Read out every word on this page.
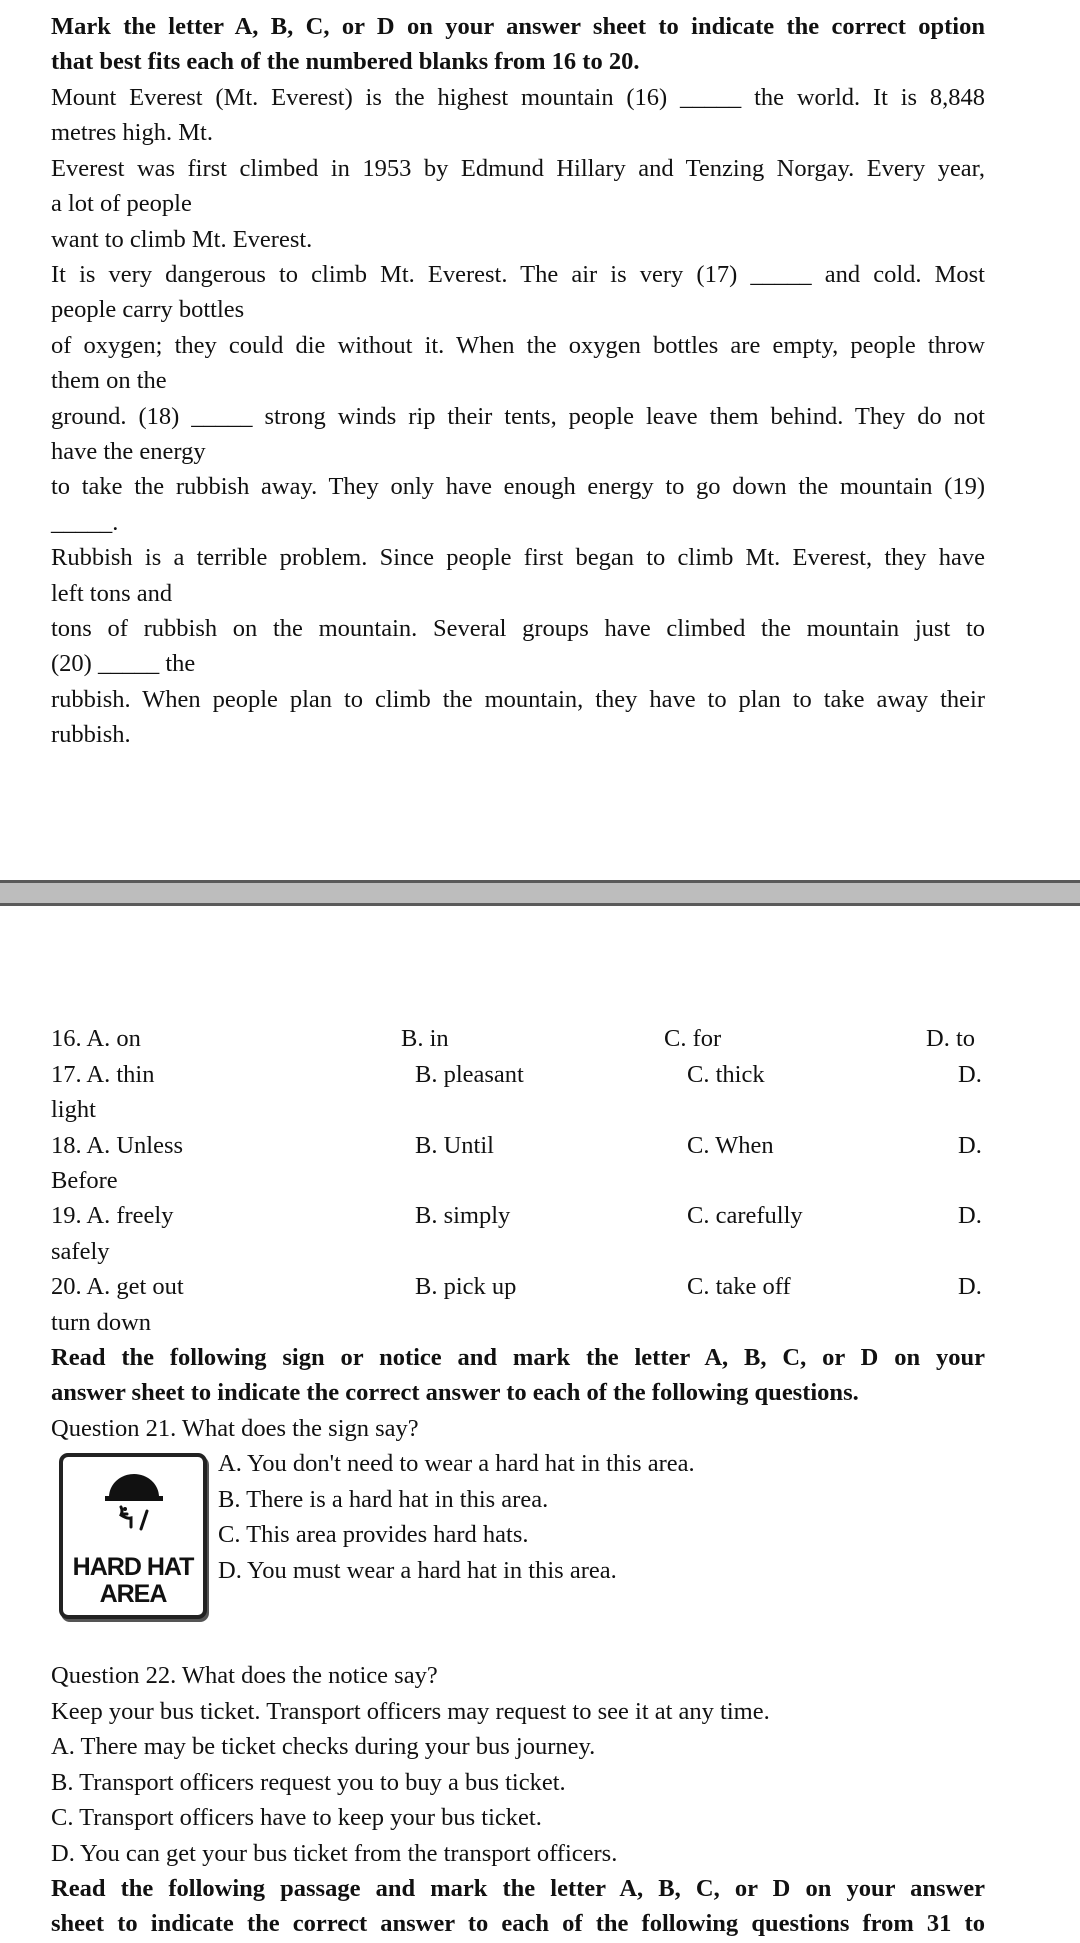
Mark the letter A, B, C, or D on your answer sheet to indicate the correct option
that best fits each of the numbered blanks from 16 to 20.
Mount Everest (Mt. Everest) is the highest mountain (16) _____ the world. It is 8,848
metres high. Mt.
Everest was first climbed in 1953 by Edmund Hillary and Tenzing Norgay. Every year,
a lot of people
want to climb Mt. Everest.
It is very dangerous to climb Mt. Everest. The air is very (17) _____ and cold. Most
people carry bottles
of oxygen; they could die without it. When the oxygen bottles are empty, people throw
them on the
ground. (18) _____ strong winds rip their tents, people leave them behind. They do not
have the energy
to take the rubbish away. They only have enough energy to go down the mountain (19)
_____.
Rubbish is a terrible problem. Since people first began to climb Mt. Everest, they have
left tons and
tons of rubbish on the mountain. Several groups have climbed the mountain just to
(20) _____ the
rubbish. When people plan to climb the mountain, they have to plan to take away their
rubbish.
16. A. on	B. in	C. for	D. to
17. A. thin	B. pleasant	C. thick	D.
light
18. A. Unless	B. Until	C. When	D.
Before
19. A. freely	B. simply	C. carefully	D.
safely
20. A. get out	B. pick up	C. take off	D.
turn down
Read the following sign or notice and mark the letter A, B, C, or D on your
answer sheet to indicate the correct answer to each of the following questions.
Question 21. What does the sign say?
HARD HAT
AREA
A. You don't need to wear a hard hat in this area.
B. There is a hard hat in this area.
C. This area provides hard hats.
D. You must wear a hard hat in this area.
Question 22. What does the notice say?
Keep your bus ticket. Transport officers may request to see it at any time.
A. There may be ticket checks during your bus journey.
B. Transport officers request you to buy a bus ticket.
C. Transport officers have to keep your bus ticket.
D. You can get your bus ticket from the transport officers.
Read the following passage and mark the letter A, B, C, or D on your answer
sheet to indicate the correct answer to each of the following questions from 31 to
